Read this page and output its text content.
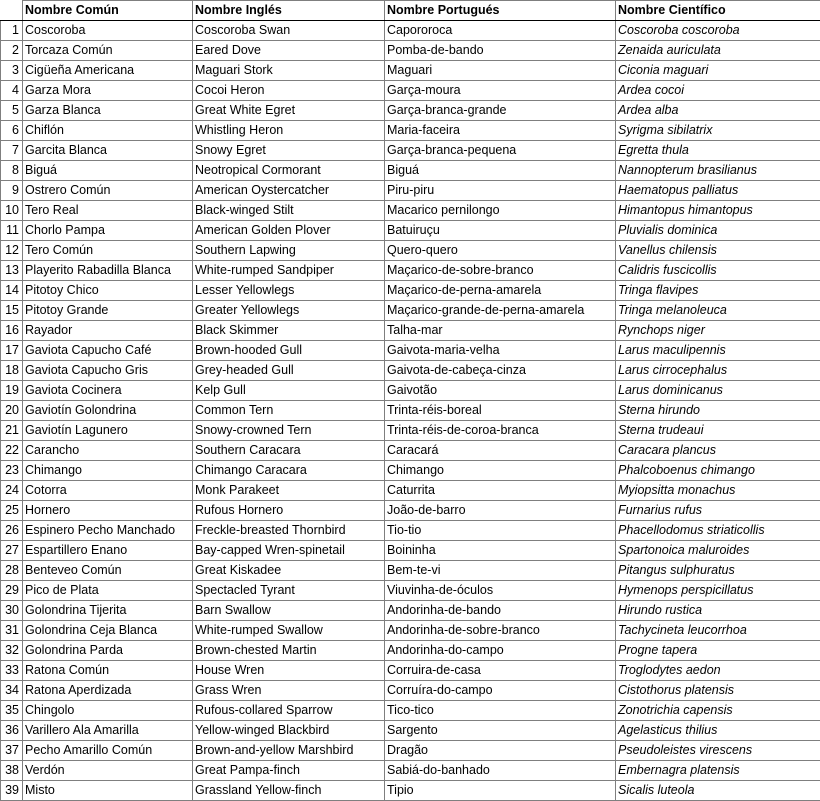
	Nombre Común	Nombre Inglés	Nombre Portugués	Nombre Científico
1	Coscoroba	Coscoroba Swan	Capororoca	Coscoroba coscoroba
2	Torcaza Común	Eared Dove	Pomba-de-bando	Zenaida auriculata
3	Cigüeña Americana	Maguari Stork	Maguari	Ciconia maguari
4	Garza Mora	Cocoi Heron	Garça-moura	Ardea cocoi
5	Garza Blanca	Great White Egret	Garça-branca-grande	Ardea alba
6	Chiflón	Whistling Heron	Maria-faceira	Syrigma sibilatrix
7	Garcita Blanca	Snowy Egret	Garça-branca-pequena	Egretta thula
8	Biguá	Neotropical Cormorant	Biguá	Nannopterum brasilianus
9	Ostrero Común	American Oystercatcher	Piru-piru	Haematopus palliatus
10	Tero Real	Black-winged Stilt	Macarico pernilongo	Himantopus himantopus
11	Chorlo Pampa	American Golden Plover	Batuiruçu	Pluvialis dominica
12	Tero Común	Southern Lapwing	Quero-quero	Vanellus chilensis
13	Playerito Rabadilla Blanca	White-rumped Sandpiper	Maçarico-de-sobre-branco	Calidris fuscicollis
14	Pitotoy Chico	Lesser Yellowlegs	Maçarico-de-perna-amarela	Tringa flavipes
15	Pitotoy Grande	Greater Yellowlegs	Maçarico-grande-de-perna-amarela	Tringa melanoleuca
16	Rayador	Black Skimmer	Talha-mar	Rynchops niger
17	Gaviota Capucho Café	Brown-hooded Gull	Gaivota-maria-velha	Larus maculipennis
18	Gaviota Capucho Gris	Grey-headed Gull	Gaivota-de-cabeça-cinza	Larus cirrocephalus
19	Gaviota Cocinera	Kelp Gull	Gaivotão	Larus dominicanus
20	Gaviotín Golondrina	Common Tern	Trinta-réis-boreal	Sterna hirundo
21	Gaviotín Lagunero	Snowy-crowned Tern	Trinta-réis-de-coroa-branca	Sterna trudeaui
22	Carancho	Southern Caracara	Caracará	Caracara plancus
23	Chimango	Chimango Caracara	Chimango	Phalcoboenus chimango
24	Cotorra	Monk Parakeet	Caturrita	Myiopsitta monachus
25	Hornero	Rufous Hornero	João-de-barro	Furnarius rufus
26	Espinero Pecho Manchado	Freckle-breasted Thornbird	Tio-tio	Phacellodomus striaticollis
27	Espartillero Enano	Bay-capped Wren-spinetail	Boininha	Spartonoica maluroides
28	Benteveo Común	Great Kiskadee	Bem-te-vi	Pitangus sulphuratus
29	Pico de Plata	Spectacled Tyrant	Viuvinha-de-óculos	Hymenops perspicillatus
30	Golondrina Tijerita	Barn Swallow	Andorinha-de-bando	Hirundo rustica
31	Golondrina Ceja Blanca	White-rumped Swallow	Andorinha-de-sobre-branco	Tachycineta leucorrhoa
32	Golondrina Parda	Brown-chested Martin	Andorinha-do-campo	Progne tapera
33	Ratona Común	House Wren	Corruira-de-casa	Troglodytes aedon
34	Ratona Aperdizada	Grass Wren	Corruíra-do-campo	Cistothorus platensis
35	Chingolo	Rufous-collared Sparrow	Tico-tico	Zonotrichia capensis
36	Varillero Ala Amarilla	Yellow-winged Blackbird	Sargento	Agelasticus thilius
37	Pecho Amarillo Común	Brown-and-yellow Marshbird	Dragão	Pseudoleistes virescens
38	Verdón	Great Pampa-finch	Sabiá-do-banhado	Embernagra platensis
39	Misto	Grassland Yellow-finch	Tipio	Sicalis luteola
